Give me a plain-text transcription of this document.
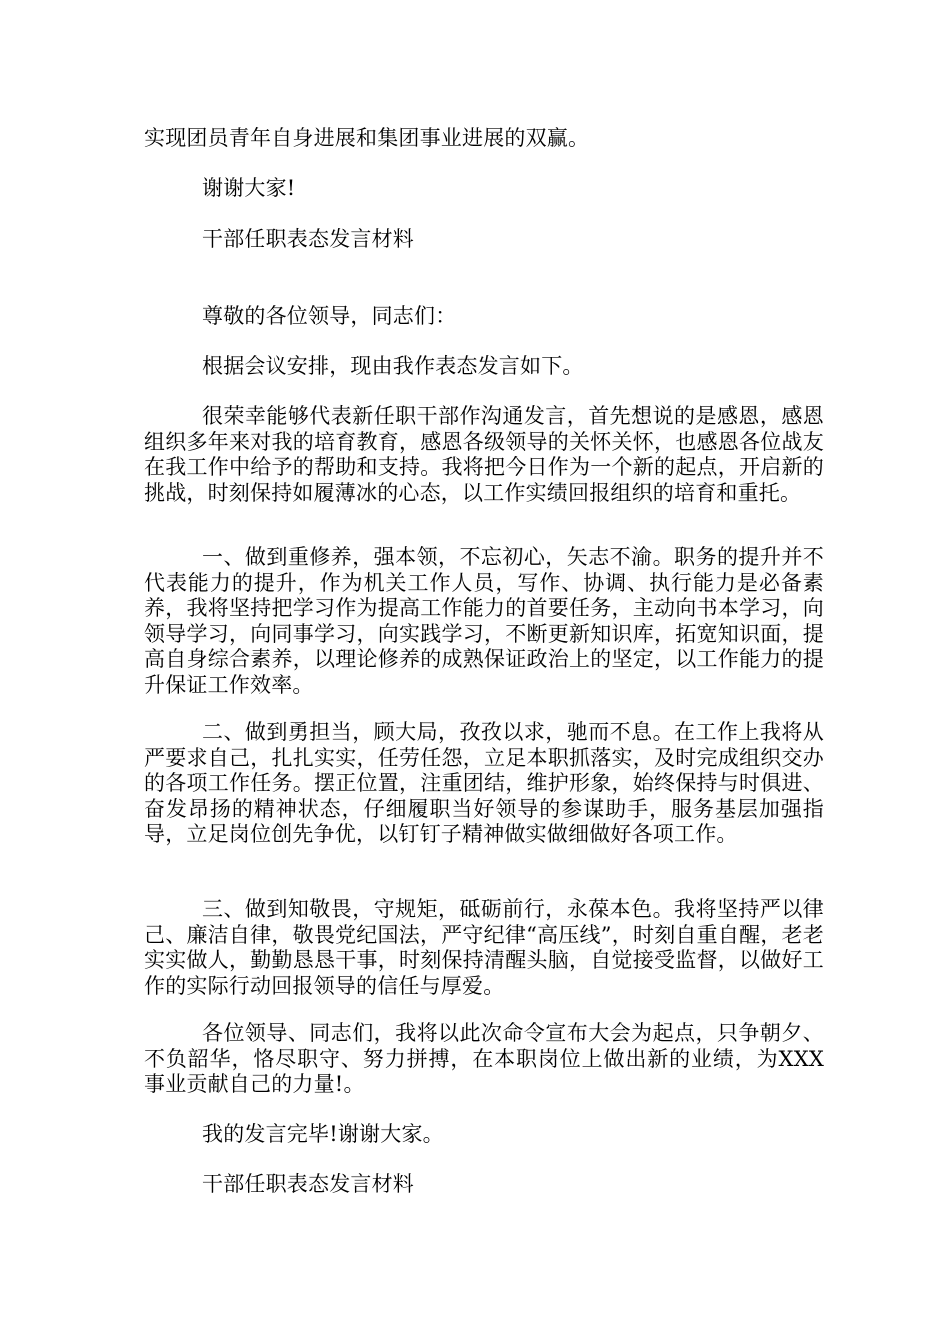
实现团员青年自身进展和集团事业进展的双赢。

谢谢大家!

干部任职表态发言材料

尊敬的各位领导，同志们：

根据会议安排，现由我作表态发言如下。

很荣幸能够代表新任职干部作沟通发言，首先想说的是感恩，感恩组织多年来对我的培育教育，感恩各级领导的关怀关怀，也感恩各位战友在我工作中给予的帮助和支持。我将把今日作为一个新的起点，开启新的挑战，时刻保持如履薄冰的心态，以工作实绩回报组织的培育和重托。

一、做到重修养，强本领，不忘初心，矢志不渝。职务的提升并不代表能力的提升，作为机关工作人员，写作、协调、执行能力是必备素养，我将坚持把学习作为提高工作能力的首要任务，主动向书本学习，向领导学习，向同事学习，向实践学习，不断更新知识库，拓宽知识面，提高自身综合素养，以理论修养的成熟保证政治上的坚定，以工作能力的提升保证工作效率。

二、做到勇担当，顾大局，孜孜以求，驰而不息。在工作上我将从严要求自己，扎扎实实，任劳任怨，立足本职抓落实，及时完成组织交办的各项工作任务。摆正位置，注重团结，维护形象，始终保持与时俱进、奋发昂扬的精神状态，仔细履职当好领导的参谋助手，服务基层加强指导，立足岗位创先争优，以钉钉子精神做实做细做好各项工作。

三、做到知敬畏，守规矩，砥砺前行，永葆本色。我将坚持严以律己、廉洁自律，敬畏党纪国法，严守纪律“高压线”，时刻自重自醒，老老实实做人，勤勤恳恳干事，时刻保持清醒头脑，自觉接受监督，以做好工作的实际行动回报领导的信任与厚爱。

各位领导、同志们，我将以此次命令宣布大会为起点，只争朝夕、不负韶华，恪尽职守、努力拼搏，在本职岗位上做出新的业绩，为XXX事业贡献自己的力量!。

我的发言完毕!谢谢大家。

干部任职表态发言材料
